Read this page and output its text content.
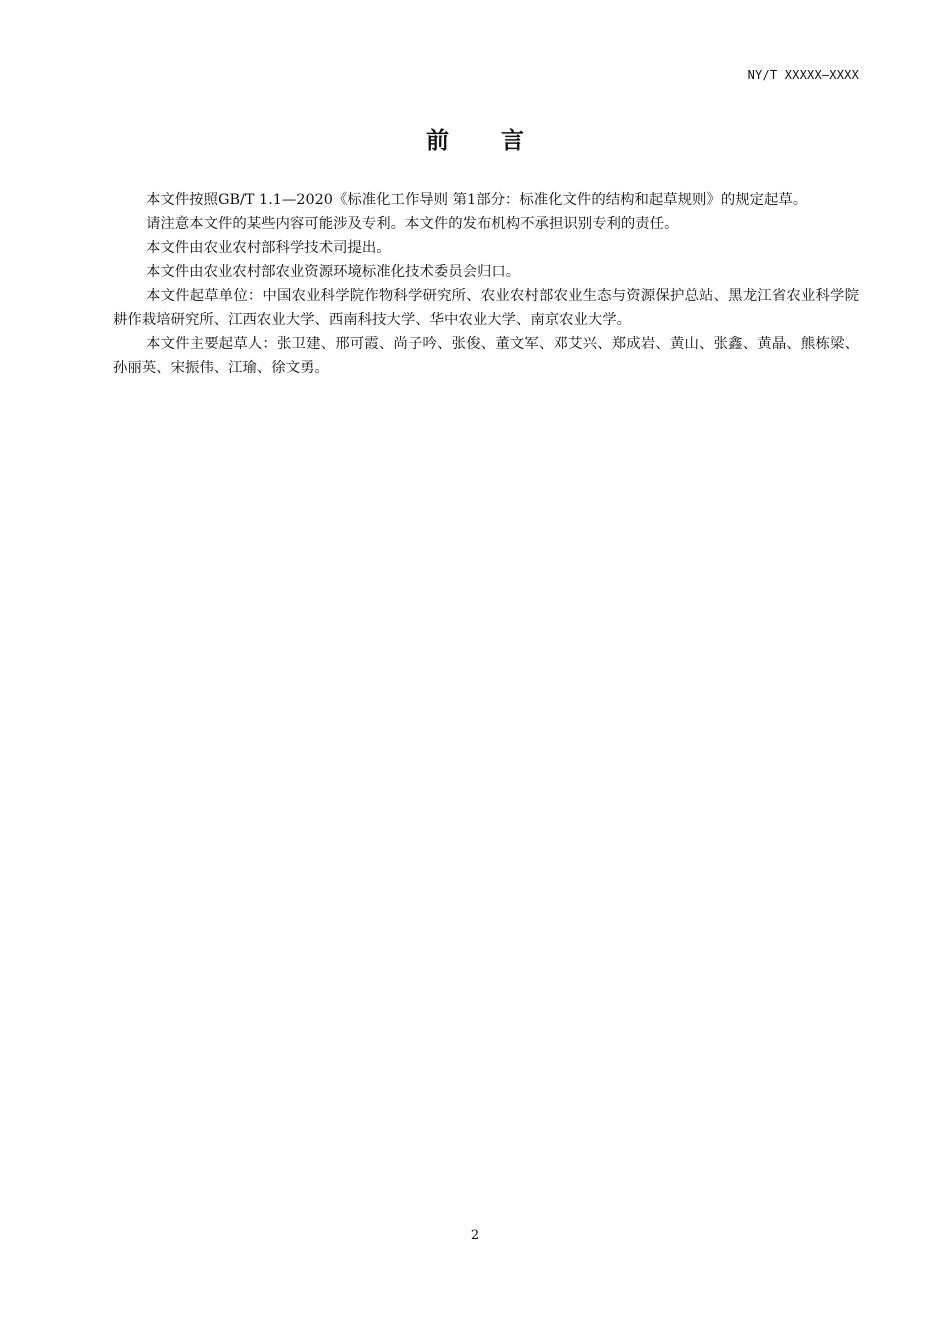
NY/T XXXXX—XXXX
前言

本文件按照GB/T 1.1—2020《标准化工作导则 第1部分：标准化文件的结构和起草规则》的规定起草。

请注意本文件的某些内容可能涉及专利。本文件的发布机构不承担识别专利的责任。

本文件由农业农村部科学技术司提出。

本文件由农业农村部农业资源环境标准化技术委员会归口。

本文件起草单位：中国农业科学院作物科学研究所、农业农村部农业生态与资源保护总站、黑龙江省农业科学院耕作栽培研究所、江西农业大学、西南科技大学、华中农业大学、南京农业大学。

本文件主要起草人：张卫建、邢可霞、尚子吟、张俊、董文军、邓艾兴、郑成岩、黄山、张鑫、黄晶、熊栋梁、孙丽英、宋振伟、江瑜、徐文勇。

2
